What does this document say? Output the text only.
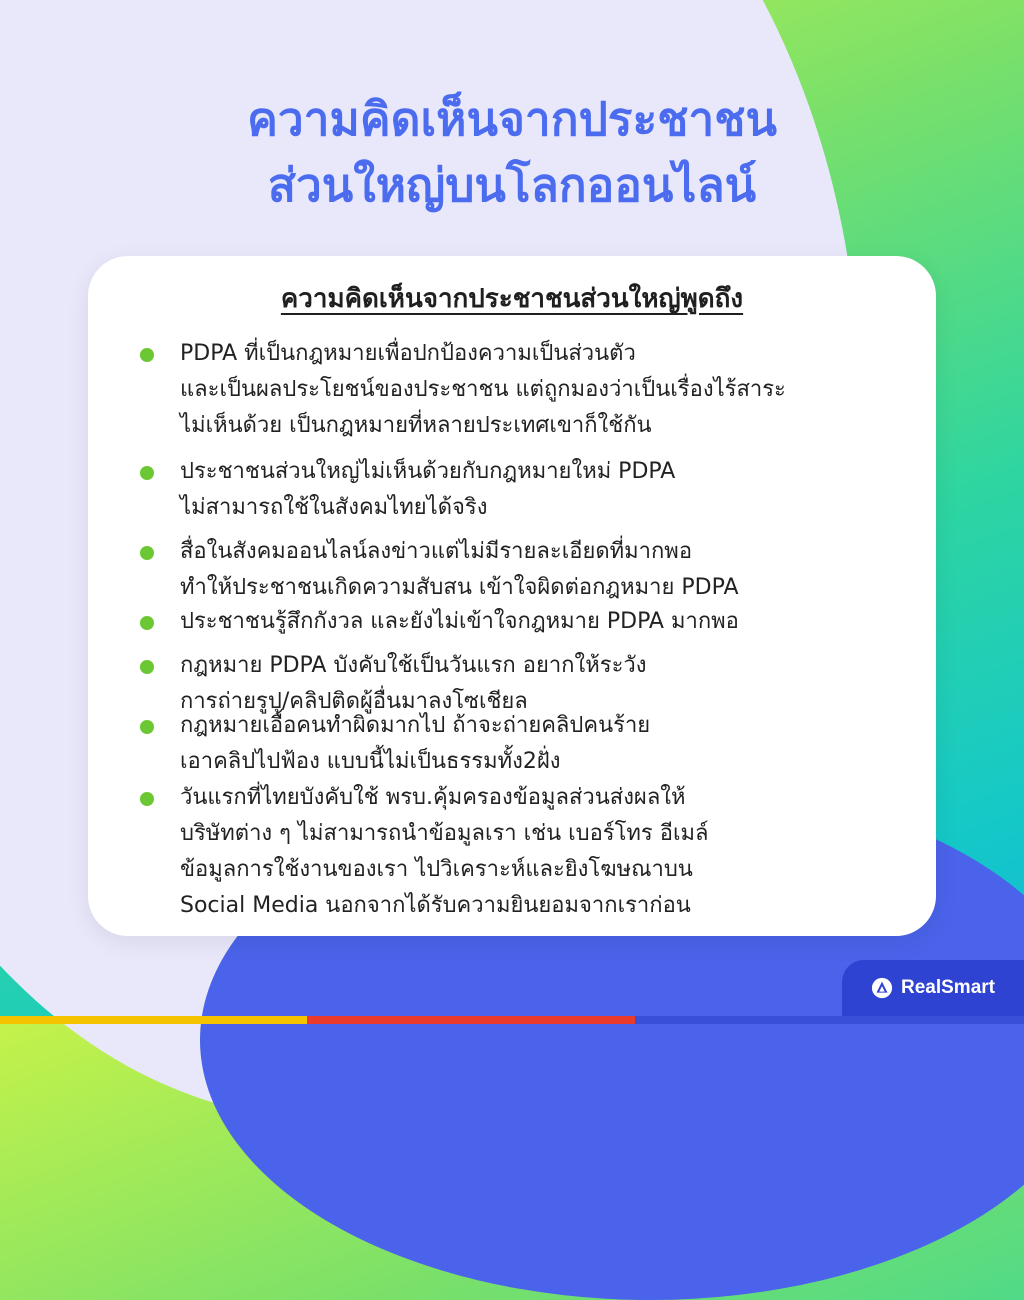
ความคิดเห็นจากประชาชน
ส่วนใหญ่บนโลกออนไลน์
ความคิดเห็นจากประชาชนส่วนใหญ่พูดถึง
PDPA ที่เป็นกฎหมายเพื่อปกป้องความเป็นส่วนตัว
และเป็นผลประโยชน์ของประชาชน แต่ถูกมองว่าเป็นเรื่องไร้สาระ
ไม่เห็นด้วย เป็นกฎหมายที่หลายประเทศเขาก็ใช้กัน
ประชาชนส่วนใหญ่ไม่เห็นด้วยกับกฎหมายใหม่ PDPA
ไม่สามารถใช้ในสังคมไทยได้จริง
สื่อในสังคมออนไลน์ลงข่าวแต่ไม่มีรายละเอียดที่มากพอ
ทำให้ประชาชนเกิดความสับสน เข้าใจผิดต่อกฎหมาย PDPA
ประชาชนรู้สึกกังวล และยังไม่เข้าใจกฎหมาย PDPA มากพอ
กฎหมาย PDPA บังคับใช้เป็นวันแรก อยากให้ระวัง
การถ่ายรูป/คลิปติดผู้อื่นมาลงโซเชียล
กฎหมายเอื้อคนทำผิดมากไป ถ้าจะถ่ายคลิปคนร้าย
เอาคลิปไปฟ้อง แบบนี้ไม่เป็นธรรมทั้ง2ฝั่ง
วันแรกที่ไทยบังคับใช้ พรบ.คุ้มครองข้อมูลส่วนส่งผลให้
บริษัทต่าง ๆ ไม่สามารถนำข้อมูลเรา เช่น เบอร์โทร อีเมล์
ข้อมูลการใช้งานของเรา ไปวิเคราะห์และยิงโฆษณาบน
Social Media นอกจากได้รับความยินยอมจากเราก่อน
RealSmart
